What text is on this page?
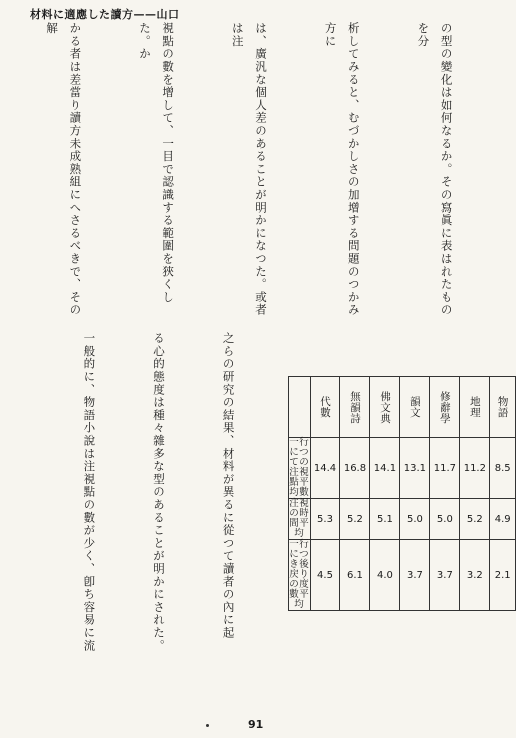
材料に適應した讀方——山口

の型の變化は如何なるか。その寫眞に表はれたものを分

析してみると、むづかしさの加增する問題のつかみ方に

は、廣汎な個人差のあることが明かになつた。或者は注

視點の數を增して、一目で認識する範圍を狹くした。か

かる者は差當り讀方未成熟組にへさるべきで、その解

	代數	無韻詩	佛文典	韻文	修辭學	地理	物語
一行につての注視點平均數	14.4	16.8	14.1	13.1	11.7	11.2	8.5
注視の時間平均	5.3	5.2	5.1	5.0	5.0	5.2	4.9
一行につき後戻りの度數平均	4.5	6.1	4.0	3.7	3.7	3.2	2.1

之らの研究の結果、材料が異るに從つて讀者の內に起

る心的態度は種々雜多な型のあることが明かにされた。

一般的に、物語小說は注視點の數が少く、卽ち容易に流

91
